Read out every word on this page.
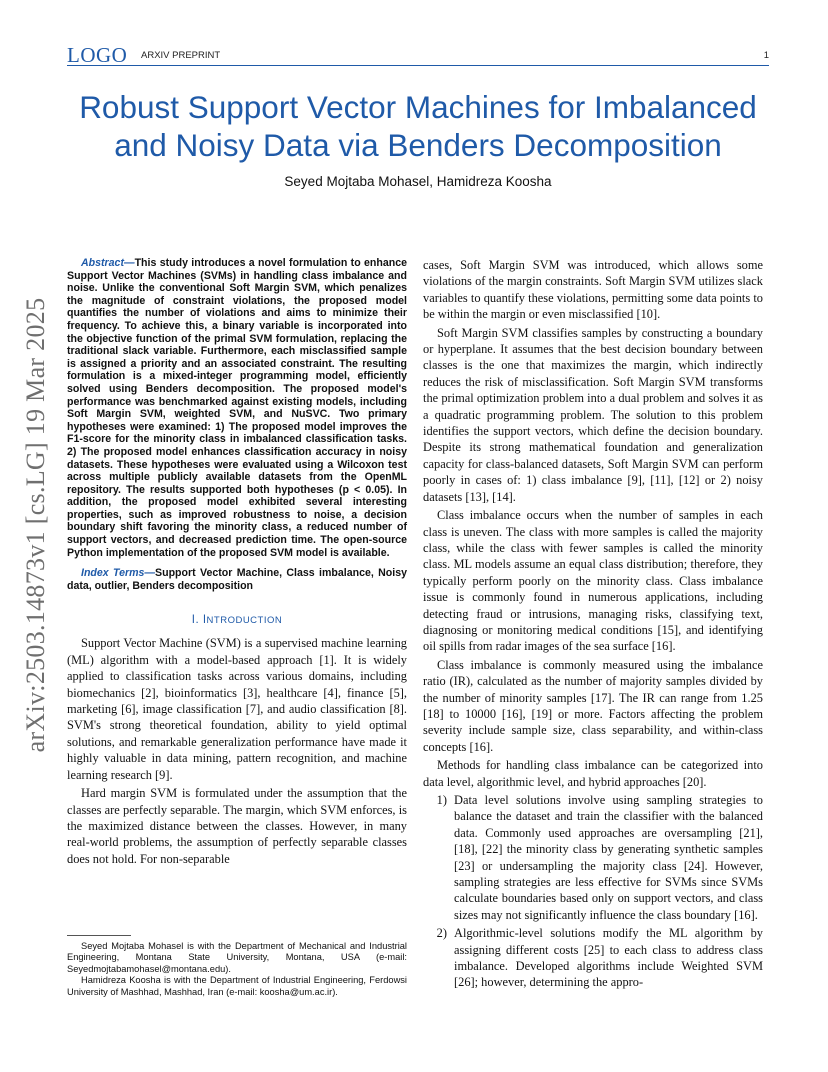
LOGO ARXIV PREPRINT	1
arXiv:2503.14873v1 [cs.LG] 19 Mar 2025
Robust Support Vector Machines for Imbalanced and Noisy Data via Benders Decomposition
Seyed Mojtaba Mohasel, Hamidreza Koosha

Abstract—This study introduces a novel formulation to enhance Support Vector Machines (SVMs) in handling class imbalance and noise. Unlike the conventional Soft Margin SVM, which penalizes the magnitude of constraint violations, the proposed model quantifies the number of violations and aims to minimize their frequency. To achieve this, a binary variable is incorporated into the objective function of the primal SVM formulation, replacing the traditional slack variable. Furthermore, each misclassified sample is assigned a priority and an associated constraint. The resulting formulation is a mixed-integer programming model, efficiently solved using Benders decomposition. The proposed model's performance was benchmarked against existing models, including Soft Margin SVM, weighted SVM, and NuSVC. Two primary hypotheses were examined: 1) The proposed model improves the F1-score for the minority class in imbalanced classification tasks. 2) The proposed model enhances classification accuracy in noisy datasets. These hypotheses were evaluated using a Wilcoxon test across multiple publicly available datasets from the OpenML repository. The results supported both hypotheses (p < 0.05). In addition, the proposed model exhibited several interesting properties, such as improved robustness to noise, a decision boundary shift favoring the minority class, a reduced number of support vectors, and decreased prediction time. The open-source Python implementation of the proposed SVM model is available.

Index Terms—Support Vector Machine, Class imbalance, Noisy data, outlier, Benders decomposition

I. INTRODUCTION

Support Vector Machine (SVM) is a supervised machine learning (ML) algorithm with a model-based approach [1]. It is widely applied to classification tasks across various domains, including biomechanics [2], bioinformatics [3], healthcare [4], finance [5], marketing [6], image classification [7], and audio classification [8]. SVM's strong theoretical foundation, ability to yield optimal solutions, and remarkable generalization performance have made it highly valuable in data mining, pattern recognition, and machine learning research [9].

Hard margin SVM is formulated under the assumption that the classes are perfectly separable. The margin, which SVM enforces, is the maximized distance between the classes. However, in many real-world problems, the assumption of perfectly separable classes does not hold. For non-separable

Seyed Mojtaba Mohasel is with the Department of Mechanical and Industrial Engineering, Montana State University, Montana, USA (e-mail: Seyedmojtabamohasel@montana.edu).

Hamidreza Koosha is with the Department of Industrial Engineering, Ferdowsi University of Mashhad, Mashhad, Iran (e-mail: koosha@um.ac.ir).

cases, Soft Margin SVM was introduced, which allows some violations of the margin constraints. Soft Margin SVM utilizes slack variables to quantify these violations, permitting some data points to be within the margin or even misclassified [10].

Soft Margin SVM classifies samples by constructing a boundary or hyperplane. It assumes that the best decision boundary between classes is the one that maximizes the margin, which indirectly reduces the risk of misclassification. Soft Margin SVM transforms the primal optimization problem into a dual problem and solves it as a quadratic programming problem. The solution to this problem identifies the support vectors, which define the decision boundary. Despite its strong mathematical foundation and generalization capacity for class-balanced datasets, Soft Margin SVM can perform poorly in cases of: 1) class imbalance [9], [11], [12] or 2) noisy datasets [13], [14].

Class imbalance occurs when the number of samples in each class is uneven. The class with more samples is called the majority class, while the class with fewer samples is called the minority class. ML models assume an equal class distribution; therefore, they typically perform poorly on the minority class. Class imbalance issue is commonly found in numerous applications, including detecting fraud or intrusions, managing risks, classifying text, diagnosing or monitoring medical conditions [15], and identifying oil spills from radar images of the sea surface [16].

Class imbalance is commonly measured using the imbalance ratio (IR), calculated as the number of majority samples divided by the number of minority samples [17]. The IR can range from 1.25 [18] to 10000 [16], [19] or more. Factors affecting the problem severity include sample size, class separability, and within-class concepts [16].

Methods for handling class imbalance can be categorized into data level, algorithmic level, and hybrid approaches [20].

1) Data level solutions involve using sampling strategies to balance the dataset and train the classifier with the balanced data. Commonly used approaches are oversampling [21], [18], [22] the minority class by generating synthetic samples [23] or undersampling the majority class [24]. However, sampling strategies are less effective for SVMs since SVMs calculate boundaries based only on support vectors, and class sizes may not significantly influence the class boundary [16].
2) Algorithmic-level solutions modify the ML algorithm by assigning different costs [25] to each class to address class imbalance. Developed algorithms include Weighted SVM [26]; however, determining the appro-
